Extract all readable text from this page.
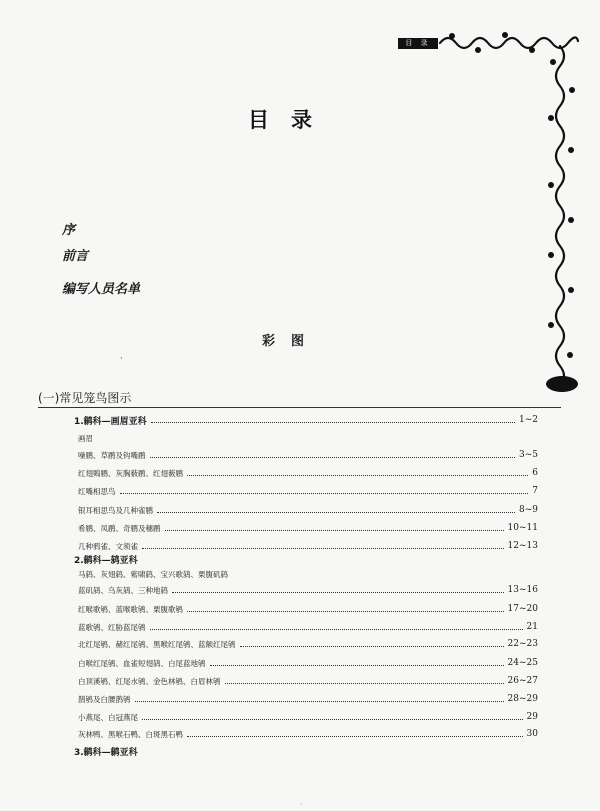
目 录
目录
序
前言
编写人员名单
彩图
·
(一)常见笼鸟图示
1.鹟科—画眉亚科	1~2
画眉
噪鹛、草鹛及钩嘴鹛	3~5
红翅鵙鹛、灰胸薮鹛、红翅薮鹛	6
红嘴相思鸟	7
银耳相思鸟及几种雀鹛	8~9
希鹛、凤鹛、奇鹛及穗鹛	10~11
几种鸦雀、文须雀	12~13
2.鹟科—鸫亚科
马鸫、灰翅鸫、紫啸鸫、宝兴歌鸫、栗腹矶鸫
蓝矶鸫、乌灰鸫、三种地鸫	13~16
红喉歌鸲、蓝喉歌鸲、栗腹歌鸲	17~20
蓝歌鸲、红胁蓝尾鸲	21
北红尾鸲、赭红尾鸲、黑喉红尾鸲、蓝额红尾鸲	22~23
白喉红尾鸲、血雀短翅鸫、白尾蓝地鸲	24~25
白顶溪鸲、红尾水鸲、金色林鸲、白眉林鸲	26~27
鹊鸲及白腰鹊鸲	28~29
小燕尾、白冠燕尾	29
灰林鸭、黑喉石鸭、白斑黑石鸭	30
3.鹟科—鹟亚科
·
